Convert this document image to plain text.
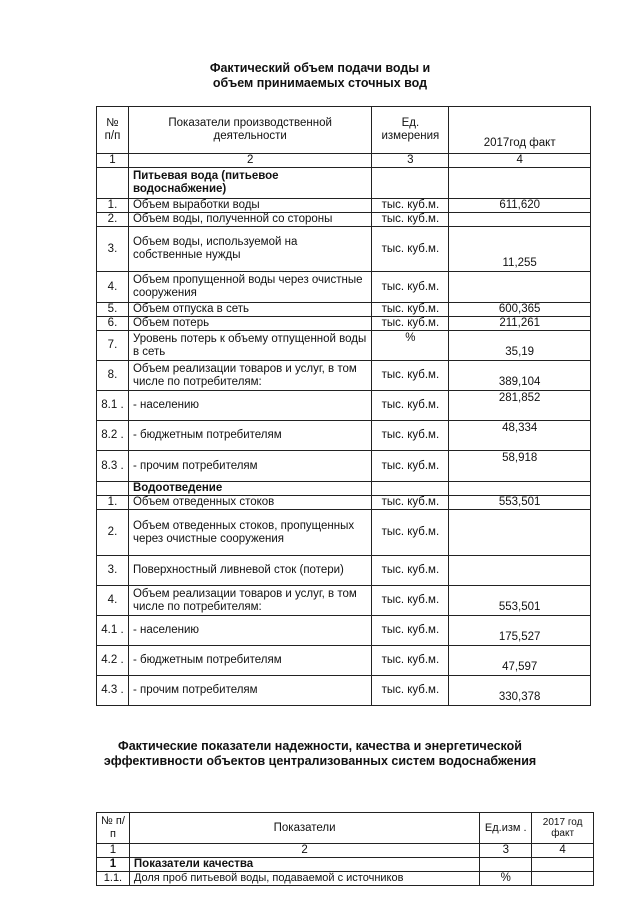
Фактический объем подачи воды и
объем принимаемых сточных вод
№ п/п	Показатели производственной деятельности	Ед. измерения	2017год факт
1	2	3	4
	Питьевая вода (питьевое водоснабжение)		
1.	Объем выработки воды	тыс. куб.м.	611,620
2.	Объем воды, полученной со стороны	тыс. куб.м.	
3.	Объем воды, используемой на собственные нужды	тыс. куб.м.	11,255
4.	Объем пропущенной воды через очистные сооружения	тыс. куб.м.	
5.	Объем отпуска в сеть	тыс. куб.м.	600,365
6.	Объем потерь	тыс. куб.м.	211,261
7.	Уровень потерь к объему отпущенной воды в сеть	%	35,19
8.	Объем реализации товаров и услуг, в том числе по потребителям:	тыс. куб.м.	389,104
8.1 .	- населению	тыс. куб.м.	281,852
8.2 .	- бюджетным потребителям	тыс. куб.м.	48,334
8.3 .	- прочим потребителям	тыс. куб.м.	58,918
	Водоотведение		
1.	Объем отведенных стоков	тыс. куб.м.	553,501
2.	Объем отведенных стоков, пропущенных через очистные сооружения	тыс. куб.м.	
3.	Поверхностный ливневой сток (потери)	тыс. куб.м.	
4.	Объем реализации товаров и услуг, в том числе по потребителям:	тыс. куб.м.	553,501
4.1 .	- населению	тыс. куб.м.	175,527
4.2 .	- бюджетным потребителям	тыс. куб.м.	47,597
4.3 .	- прочим потребителям	тыс. куб.м.	330,378
Фактические показатели надежности, качества и энергетической
эффективности объектов централизованных систем водоснабжения
№ п/п	Показатели	Ед.изм .	2017 год факт
1	2	3	4
1	Показатели качества		
1.1.	Доля проб питьевой воды, подаваемой с источников	%	
